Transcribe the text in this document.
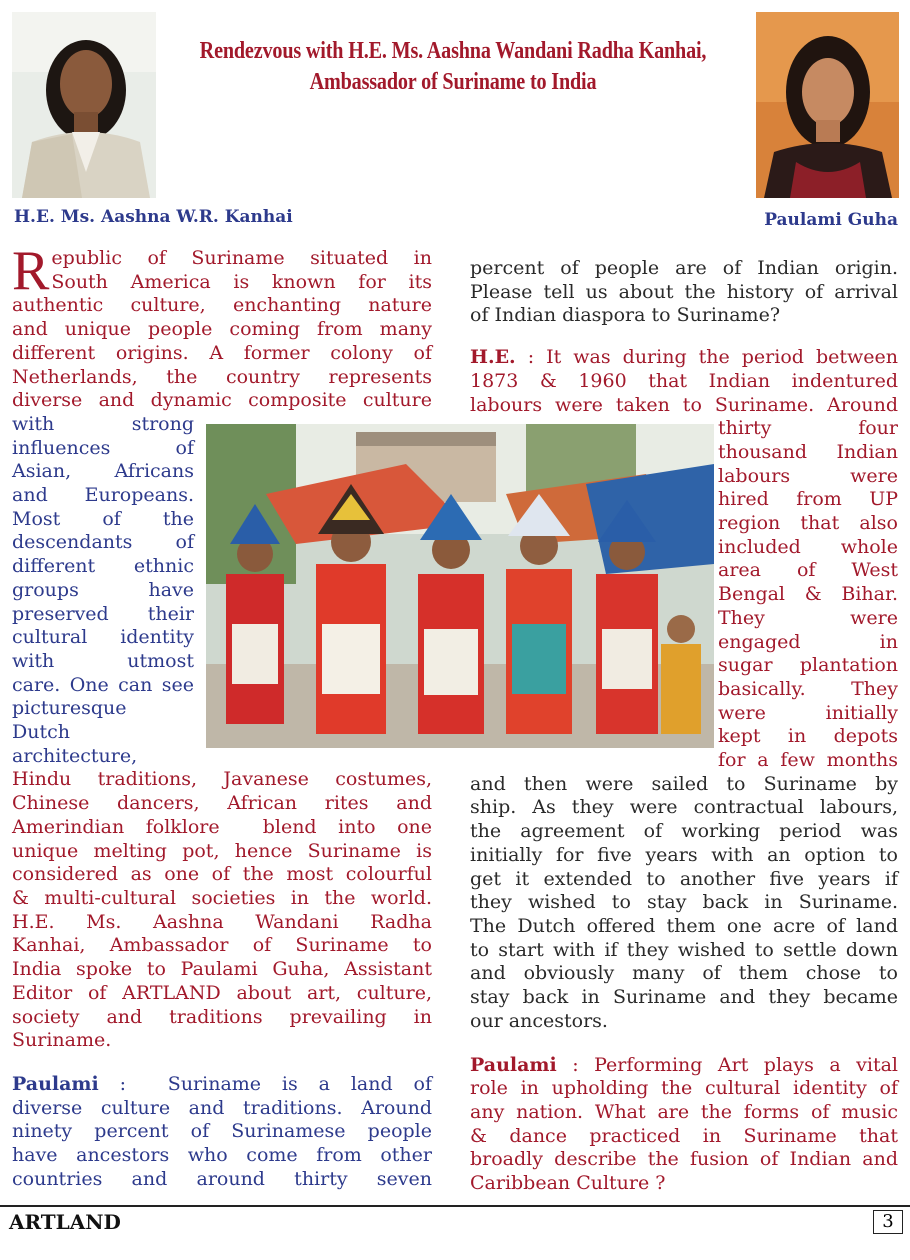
Rendezvous with H.E. Ms. Aashna Wandani Radha Kanhai,
Ambassador of Suriname to India
H.E. Ms. Aashna W.R. Kanhai	Paulami Guha
R epublic of Suriname situated in

South America is known for its

authentic culture, enchanting nature

and unique people coming from many

different origins. A former colony of

Netherlands, the country represents

diverse and dynamic composite culture

with strong

influences of

Asian, Africans

and Europeans.

Most of the

descendants of

different ethnic

groups have

preserved their

cultural identity

with utmost

care. One can see

picturesque

Dutch

architecture,

Hindu traditions, Javanese costumes,

Chinese dancers, African rites and

Amerindian folklore  blend into one

unique melting pot, hence Suriname is

considered as one of the most colourful

& multi-cultural societies in the world.

H.E. Ms. Aashna Wandani Radha

Kanhai, Ambassador of Suriname to

India spoke to Paulami Guha, Assistant

Editor of ARTLAND about art, culture,

society and traditions prevailing in

Suriname.

Paulami :  Suriname is a land of

diverse culture and traditions. Around

ninety percent of Surinamese people

have ancestors who come from other

countries and around thirty seven

percent of people are of Indian origin.

Please tell us about the history of arrival

of Indian diaspora to Suriname?

H.E. : It was during the period between

1873 & 1960 that Indian indentured

labours were taken to Suriname. Around

thirty four

thousand Indian

labours were

hired from UP

region that also

included whole

area of West

Bengal & Bihar.

They were

engaged in

sugar plantation

basically. They

were initially

kept in depots

for a few months

and then were sailed to Suriname by

ship. As they were contractual labours,

the agreement of working period was

initially for five years with an option to

get it extended to another five years if

they wished to stay back in Suriname.

The Dutch offered them one acre of land

to start with if they wished to settle down

and obviously many of them chose to

stay back in Suriname and they became

our ancestors.

Paulami : Performing Art plays a vital

role in upholding the cultural identity of

any nation. What are the forms of music

& dance practiced in Suriname that

broadly describe the fusion of Indian and

Caribbean Culture ?

ARTLAND	3
